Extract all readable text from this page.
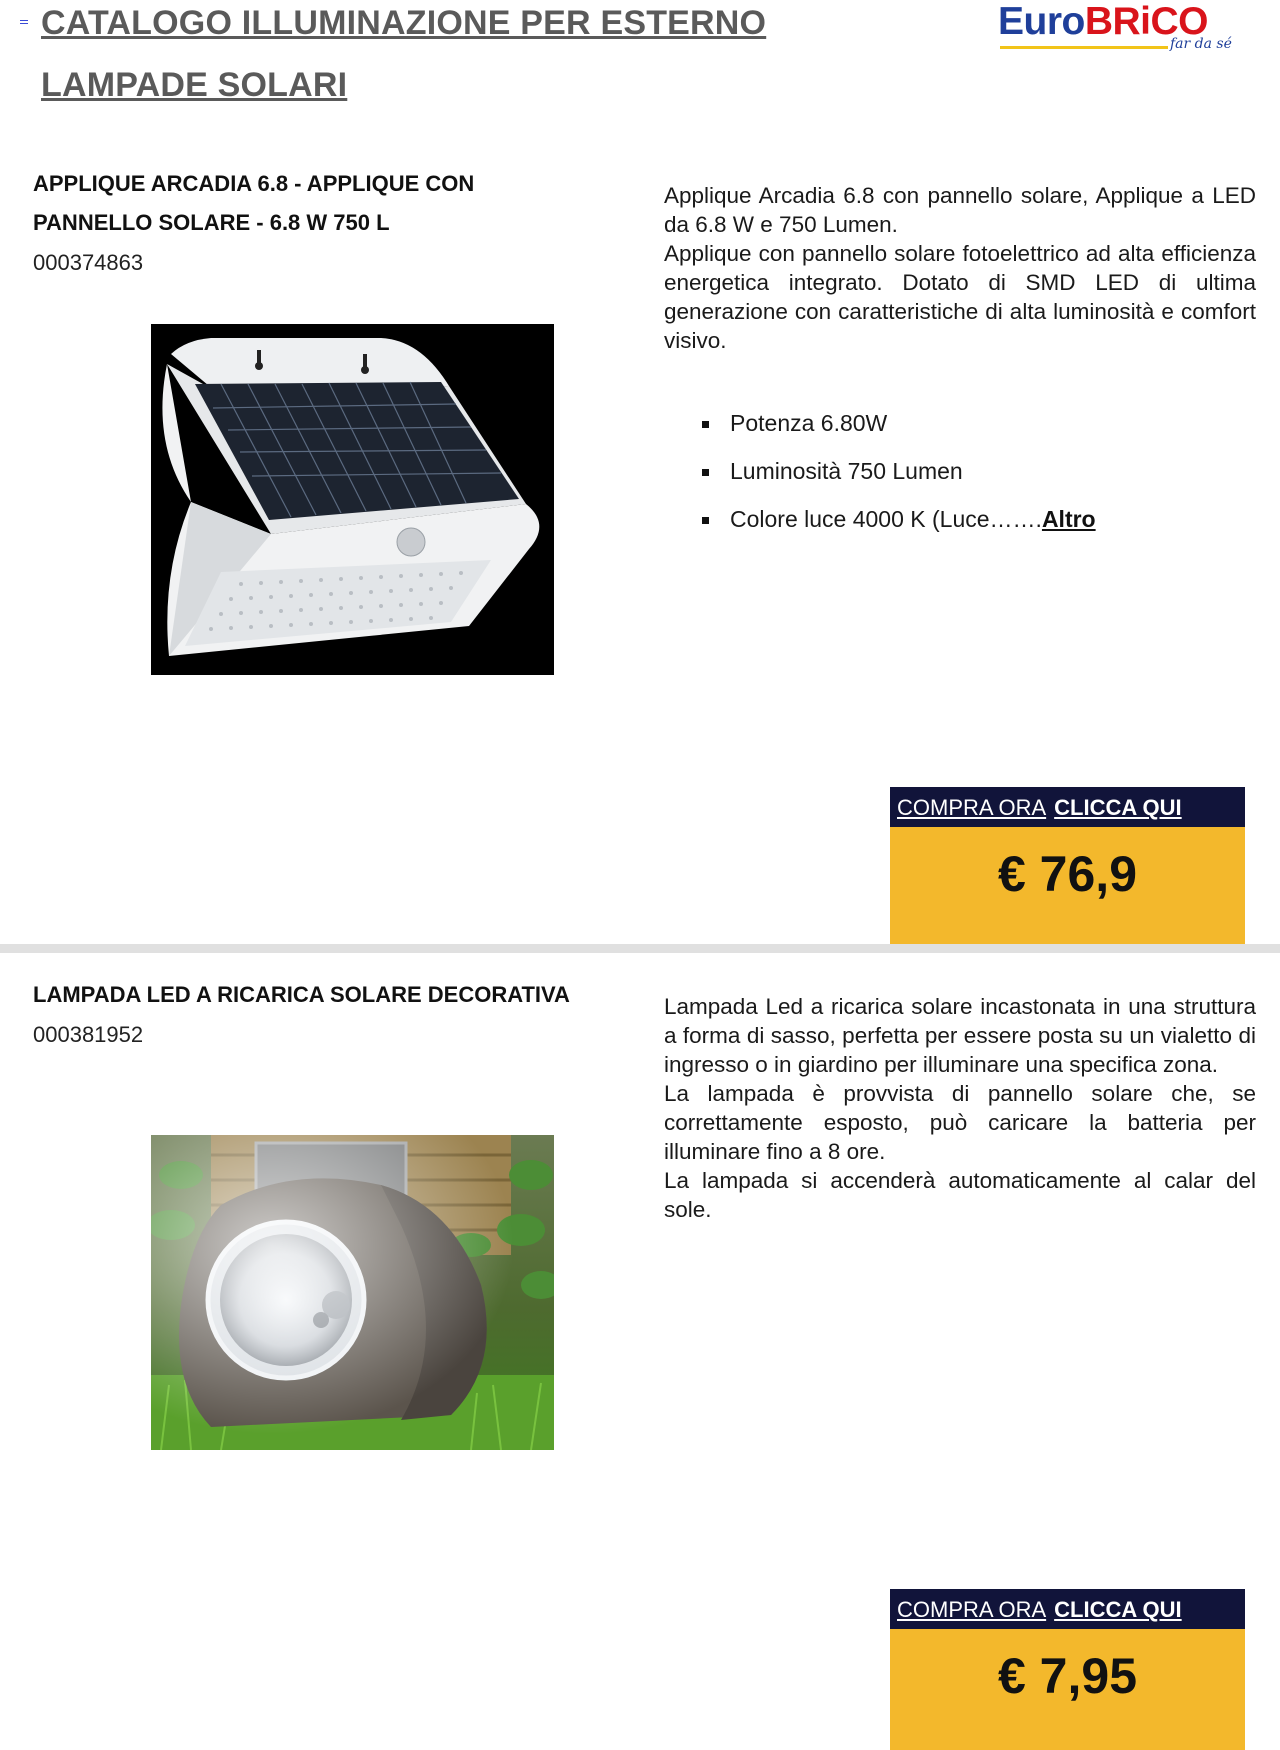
CATALOGO ILLUMINAZIONE PER ESTERNO
LAMPADE SOLARI
EuroBRiCO
far da sé
APPLIQUE ARCADIA 6.8 - APPLIQUE CON
PANNELLO SOLARE - 6.8 W 750 L
000374863

Applique Arcadia 6.8 con pannello solare, Applique a LED da 6.8 W e 750 Lumen.

Applique con pannello solare fotoelettrico ad alta efficienza energetica integrato. Dotato di SMD LED di ultima generazione con caratteristiche di alta luminosità e comfort visivo.

Potenza 6.80W
Luminosità 750 Lumen
Colore luce 4000 K (Luce…….Altro
COMPRA ORA CLICCA QUI
€ 76,9
LAMPADA LED A RICARICA SOLARE DECORATIVA
000381952

Lampada Led a ricarica solare incastonata in una struttura a forma di sasso, perfetta per essere posta su un vialetto di ingresso o in giardino per illuminare una specifica zona.

La lampada è provvista di pannello solare che, se correttamente esposto, può caricare la batteria per illuminare fino a 8 ore.

La lampada si accenderà automaticamente al calar del sole.

COMPRA ORA CLICCA QUI
€ 7,95
